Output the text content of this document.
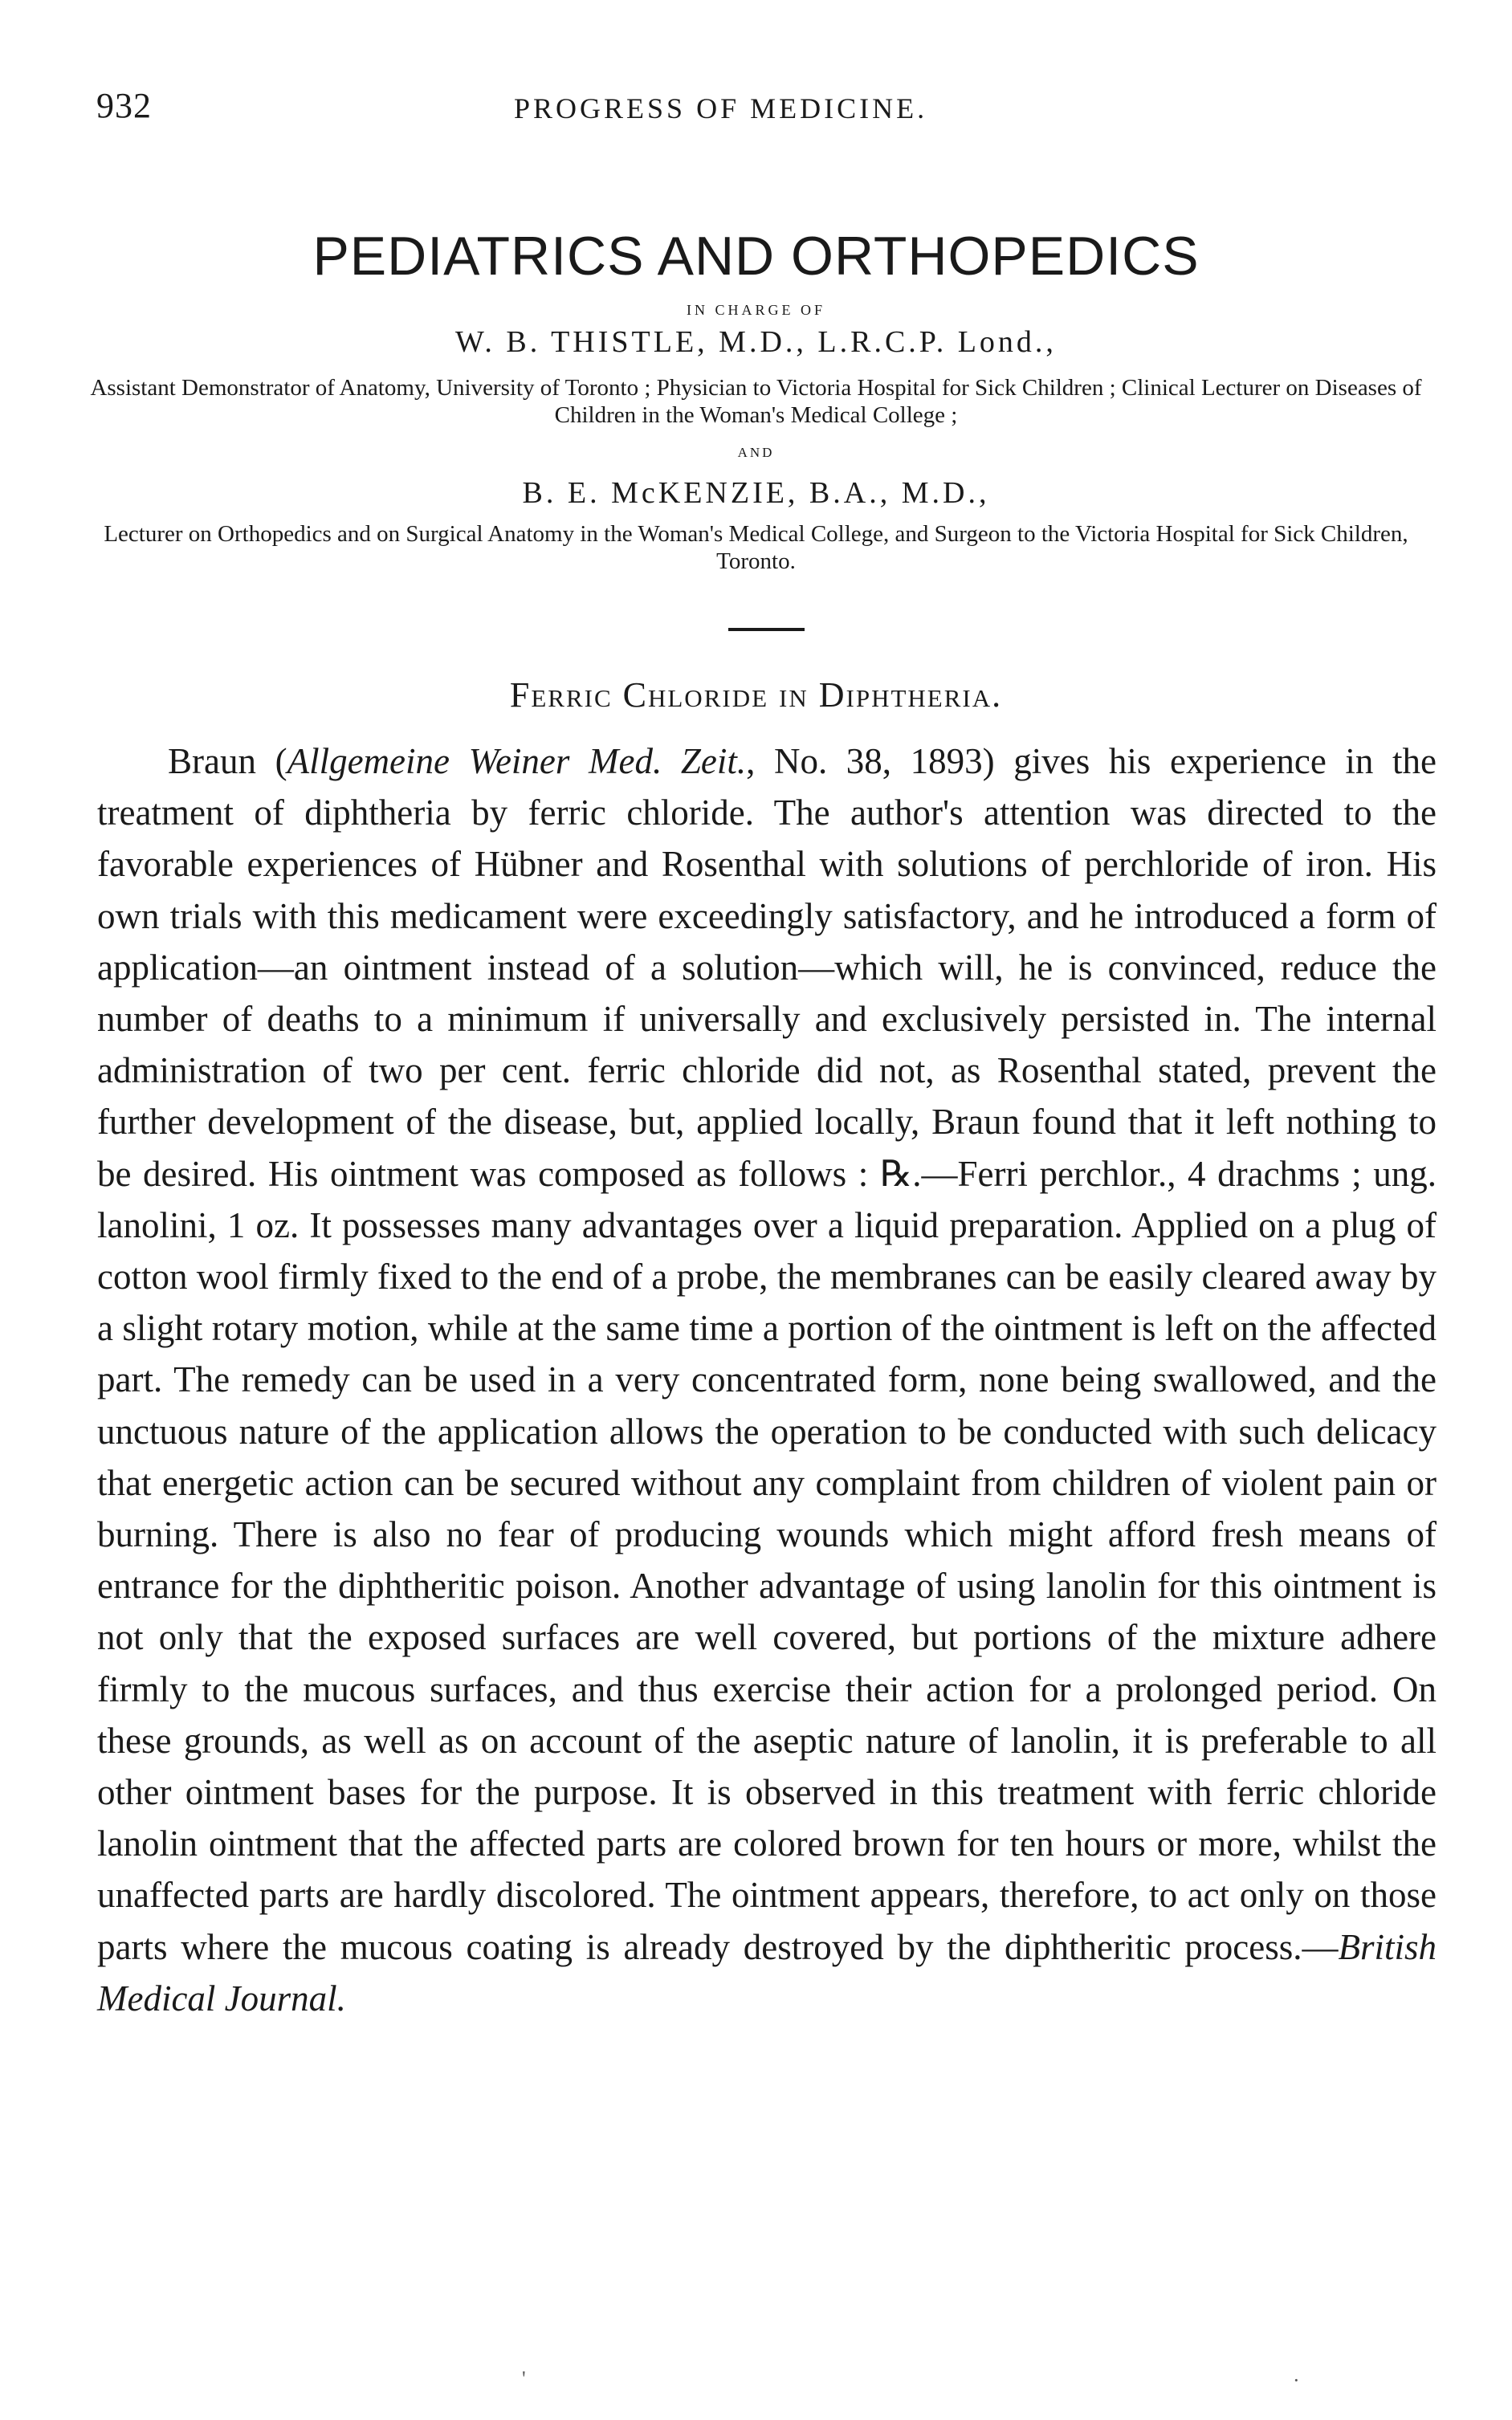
932	PROGRESS OF MEDICINE.
PEDIATRICS AND ORTHOPEDICS
IN CHARGE OF
W. B. THISTLE, M.D., L.R.C.P. Lond.,
Assistant Demonstrator of Anatomy, University of Toronto ; Physician to Victoria Hospital for Sick Children ; Clinical Lecturer on Diseases of Children in the Woman's Medical College ;
AND
B. E. McKENZIE, B.A., M.D.,
Lecturer on Orthopedics and on Surgical Anatomy in the Woman's Medical College, and Surgeon to the Victoria Hospital for Sick Children, Toronto.
Ferric Chloride in Diphtheria.

Braun (Allgemeine Weiner Med. Zeit., No. 38, 1893) gives his experience in the treatment of diphtheria by ferric chloride. The author's attention was directed to the favorable experiences of Hübner and Rosenthal with solutions of perchloride of iron. His own trials with this medicament were exceedingly satisfactory, and he introduced a form of application—an ointment instead of a solution—which will, he is convinced, reduce the number of deaths to a minimum if universally and exclusively persisted in. The internal administration of two per cent. ferric chloride did not, as Rosenthal stated, prevent the further development of the disease, but, applied locally, Braun found that it left nothing to be desired. His ointment was composed as follows : ℞.—Ferri perchlor., 4 drachms ; ung. lanolini, 1 oz. It possesses many advantages over a liquid preparation. Applied on a plug of cotton wool firmly fixed to the end of a probe, the membranes can be easily cleared away by a slight rotary motion, while at the same time a portion of the ointment is left on the affected part. The remedy can be used in a very concentrated form, none being swallowed, and the unctuous nature of the application allows the operation to be conducted with such delicacy that energetic action can be secured without any complaint from children of violent pain or burning. There is also no fear of producing wounds which might afford fresh means of entrance for the diphtheritic poison. Another advantage of using lanolin for this ointment is not only that the exposed surfaces are well covered, but portions of the mixture adhere firmly to the mucous surfaces, and thus exercise their action for a prolonged period. On these grounds, as well as on account of the aseptic nature of lanolin, it is preferable to all other ointment bases for the purpose. It is observed in this treatment with ferric chloride lanolin ointment that the affected parts are colored brown for ten hours or more, whilst the unaffected parts are hardly discolored. The ointment appears, therefore, to act only on those parts where the mucous coating is already destroyed by the diphtheritic process.—British Medical Journal.

'	·
